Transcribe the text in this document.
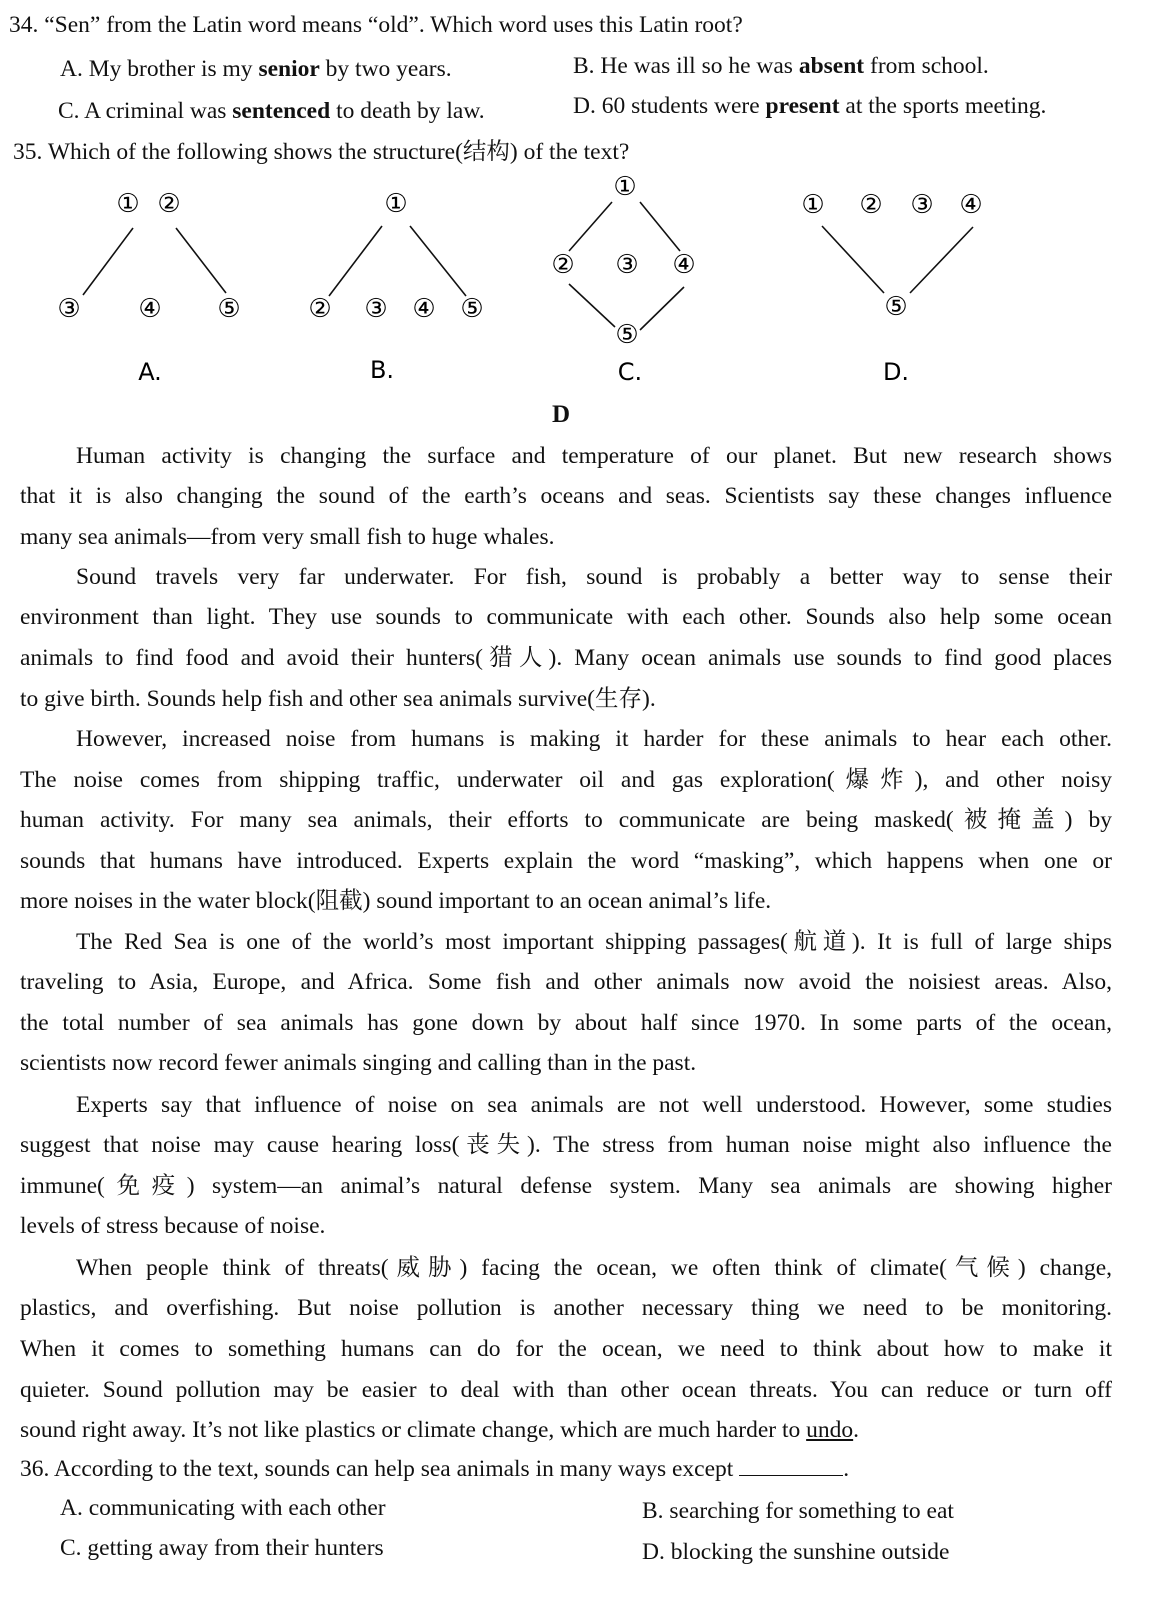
34. “Sen” from the Latin word means “old”. Which word uses this Latin root?
A. My brother is my senior by two years.	B. He was ill so he was absent from school.
C. A criminal was sentenced to death by law.	D. 60 students were present at the sports meeting.
35. Which of the following shows the structure(结构) of the text?
① ②
③ ④ ⑤
A.
①
② ③ ④ ⑤
B.
①
② ③ ④
⑤
C.
① ② ③ ④
⑤
D.
D
Human activity is changing the surface and temperature of our planet. But new research shows
that it is also changing the sound of the earth’s oceans and seas. Scientists say these changes influence
many sea animals—from very small fish to huge whales.
Sound travels very far underwater. For fish, sound is probably a better way to sense their
environment than light. They use sounds to communicate with each other. Sounds also help some ocean
animals to find food and avoid their hunters(猎人). Many ocean animals use sounds to find good places
to give birth. Sounds help fish and other sea animals survive(生存).
However, increased noise from humans is making it harder for these animals to hear each other.
The noise comes from shipping traffic, underwater oil and gas exploration(爆炸), and other noisy
human activity. For many sea animals, their efforts to communicate are being masked(被掩盖) by
sounds that humans have introduced. Experts explain the word “masking”, which happens when one or
more noises in the water block(阻截) sound important to an ocean animal’s life.
The Red Sea is one of the world’s most important shipping passages(航道). It is full of large ships
traveling to Asia, Europe, and Africa. Some fish and other animals now avoid the noisiest areas. Also,
the total number of sea animals has gone down by about half since 1970. In some parts of the ocean,
scientists now record fewer animals singing and calling than in the past.
Experts say that influence of noise on sea animals are not well understood. However, some studies
suggest that noise may cause hearing loss(丧失). The stress from human noise might also influence the
immune(免疫) system—an animal’s natural defense system. Many sea animals are showing higher
levels of stress because of noise.
When people think of threats(威胁) facing the ocean, we often think of climate(气候) change,
plastics, and overfishing. But noise pollution is another necessary thing we need to be monitoring.
When it comes to something humans can do for the ocean, we need to think about how to make it
quieter. Sound pollution may be easier to deal with than other ocean threats. You can reduce or turn off
sound right away. It’s not like plastics or climate change, which are much harder to undo.
36. According to the text, sounds can help sea animals in many ways except	.
A. communicating with each other	B. searching for something to eat
C. getting away from their hunters	D. blocking the sunshine outside
